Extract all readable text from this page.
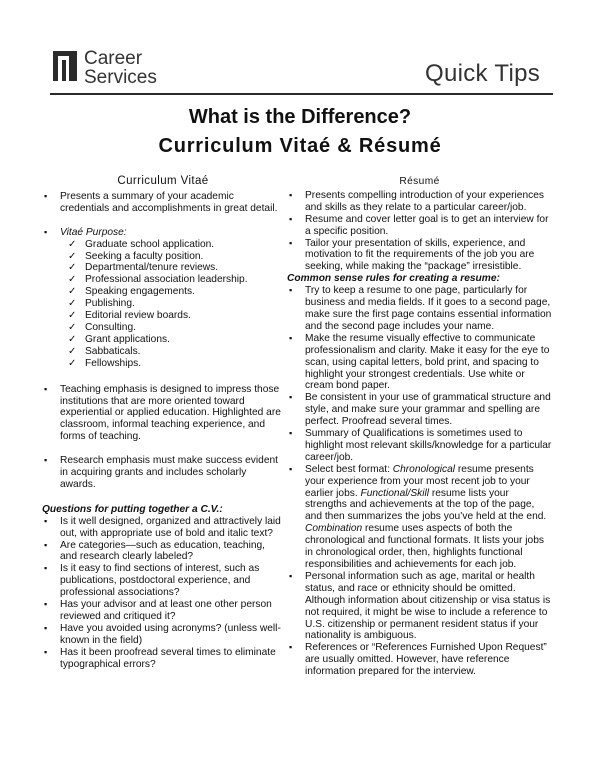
Career
Services	Quick Tips
What is the Difference?
Curriculum Vitaé & Résumé
Curriculum Vitaé
▪ Presents a summary of your academic credentials and accomplishments in great detail.
▪ Vitaé Purpose:
✓ Graduate school application.
✓ Seeking a faculty position.
✓ Departmental/tenure reviews.
✓ Professional association leadership.
✓ Speaking engagements.
✓ Publishing.
✓ Editorial review boards.
✓ Consulting.
✓ Grant applications.
✓ Sabbaticals.
✓ Fellowships.
▪ Teaching emphasis is designed to impress those institutions that are more oriented toward experiential or applied education. Highlighted are classroom, informal teaching experience, and forms of teaching.
▪ Research emphasis must make success evident in acquiring grants and includes scholarly awards.
Questions for putting together a C.V.:
▪ Is it well designed, organized and attractively laid out, with appropriate use of bold and italic text?
▪ Are categories—such as education, teaching, and research clearly labeled?
▪ Is it easy to find sections of interest, such as publications, postdoctoral experience, and professional associations?
▪ Has your advisor and at least one other person reviewed and critiqued it?
▪ Have you avoided using acronyms? (unless well-known in the field)
▪ Has it been proofread several times to eliminate typographical errors?
Résumé
▪ Presents compelling introduction of your experiences and skills as they relate to a particular career/job.
▪ Resume and cover letter goal is to get an interview for a specific position.
▪ Tailor your presentation of skills, experience, and motivation to fit the requirements of the job you are seeking, while making the “package” irresistible.
Common sense rules for creating a resume:
▪ Try to keep a resume to one page, particularly for business and media fields. If it goes to a second page, make sure the first page contains essential information and the second page includes your name.
▪ Make the resume visually effective to communicate professionalism and clarity. Make it easy for the eye to scan, using capital letters, bold print, and spacing to highlight your strongest credentials. Use white or cream bond paper.
▪ Be consistent in your use of grammatical structure and style, and make sure your grammar and spelling are perfect. Proofread several times.
▪ Summary of Qualifications is sometimes used to highlight most relevant skills/knowledge for a particular career/job.
▪ Select best format: Chronological resume presents your experience from your most recent job to your earlier jobs. Functional/Skill resume lists your strengths and achievements at the top of the page, and then summarizes the jobs you’ve held at the end.
Combination resume uses aspects of both the chronological and functional formats. It lists your jobs in chronological order, then, highlights functional responsibilities and achievements for each job.
▪ Personal information such as age, marital or health status, and race or ethnicity should be omitted. Although information about citizenship or visa status is not required, it might be wise to include a reference to U.S. citizenship or permanent resident status if your nationality is ambiguous.
▪ References or “References Furnished Upon Request” are usually omitted. However, have reference information prepared for the interview.
